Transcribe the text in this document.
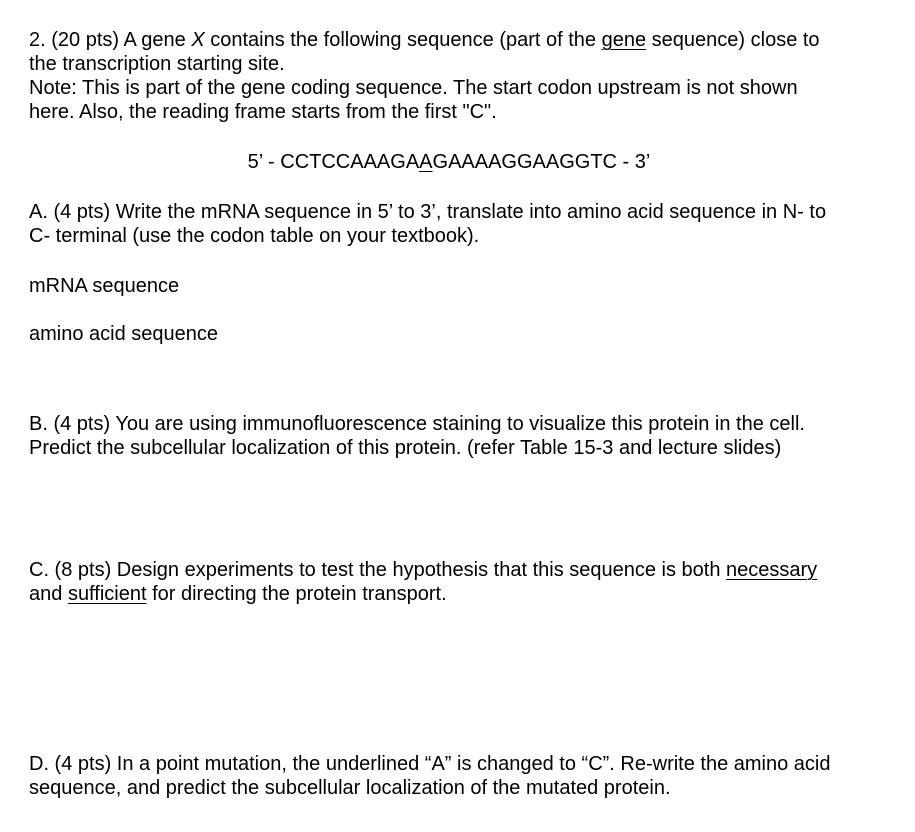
2. (20 pts) A gene X contains the following sequence (part of the gene sequence) close to

the transcription starting site.

Note: This is part of the gene coding sequence. The start codon upstream is not shown

here. Also, the reading frame starts from the first "C".

5’ - CCTCCAAAGAAGAAAAGGAAGGTC - 3’

A. (4 pts) Write the mRNA sequence in 5’ to 3’, translate into amino acid sequence in N- to

C- terminal (use the codon table on your textbook).

mRNA sequence

amino acid sequence

B. (4 pts) You are using immunofluorescence staining to visualize this protein in the cell.

Predict the subcellular localization of this protein. (refer Table 15-3 and lecture slides)

C. (8 pts) Design experiments to test the hypothesis that this sequence is both necessary

and sufficient for directing the protein transport.

D. (4 pts) In a point mutation, the underlined “A” is changed to “C”. Re-write the amino acid

sequence, and predict the subcellular localization of the mutated protein.
